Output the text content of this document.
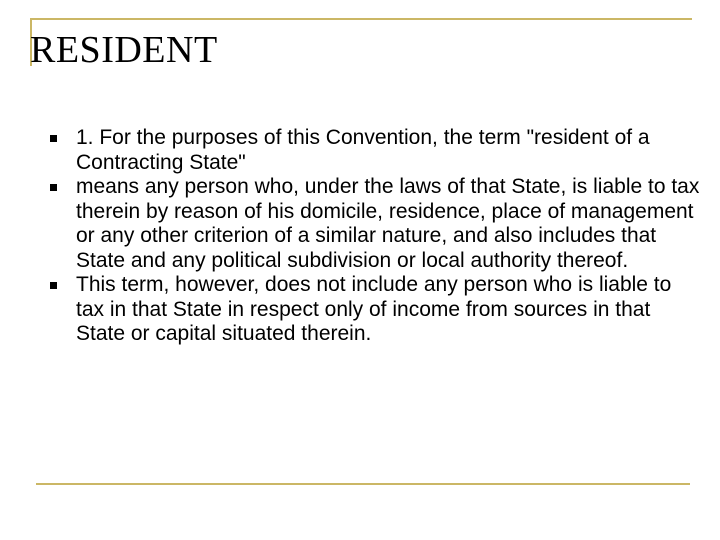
RESIDENT
1. For the purposes of this Convention, the term "resident of a Contracting State"
means any person who, under the laws of that State, is liable to tax therein by reason of his domicile, residence, place of management or any other criterion of a similar nature, and also includes that State and any political subdivision or local authority thereof.
This term, however, does not include any person who is liable to tax in that State in respect only of income from sources in that State or capital situated therein.
